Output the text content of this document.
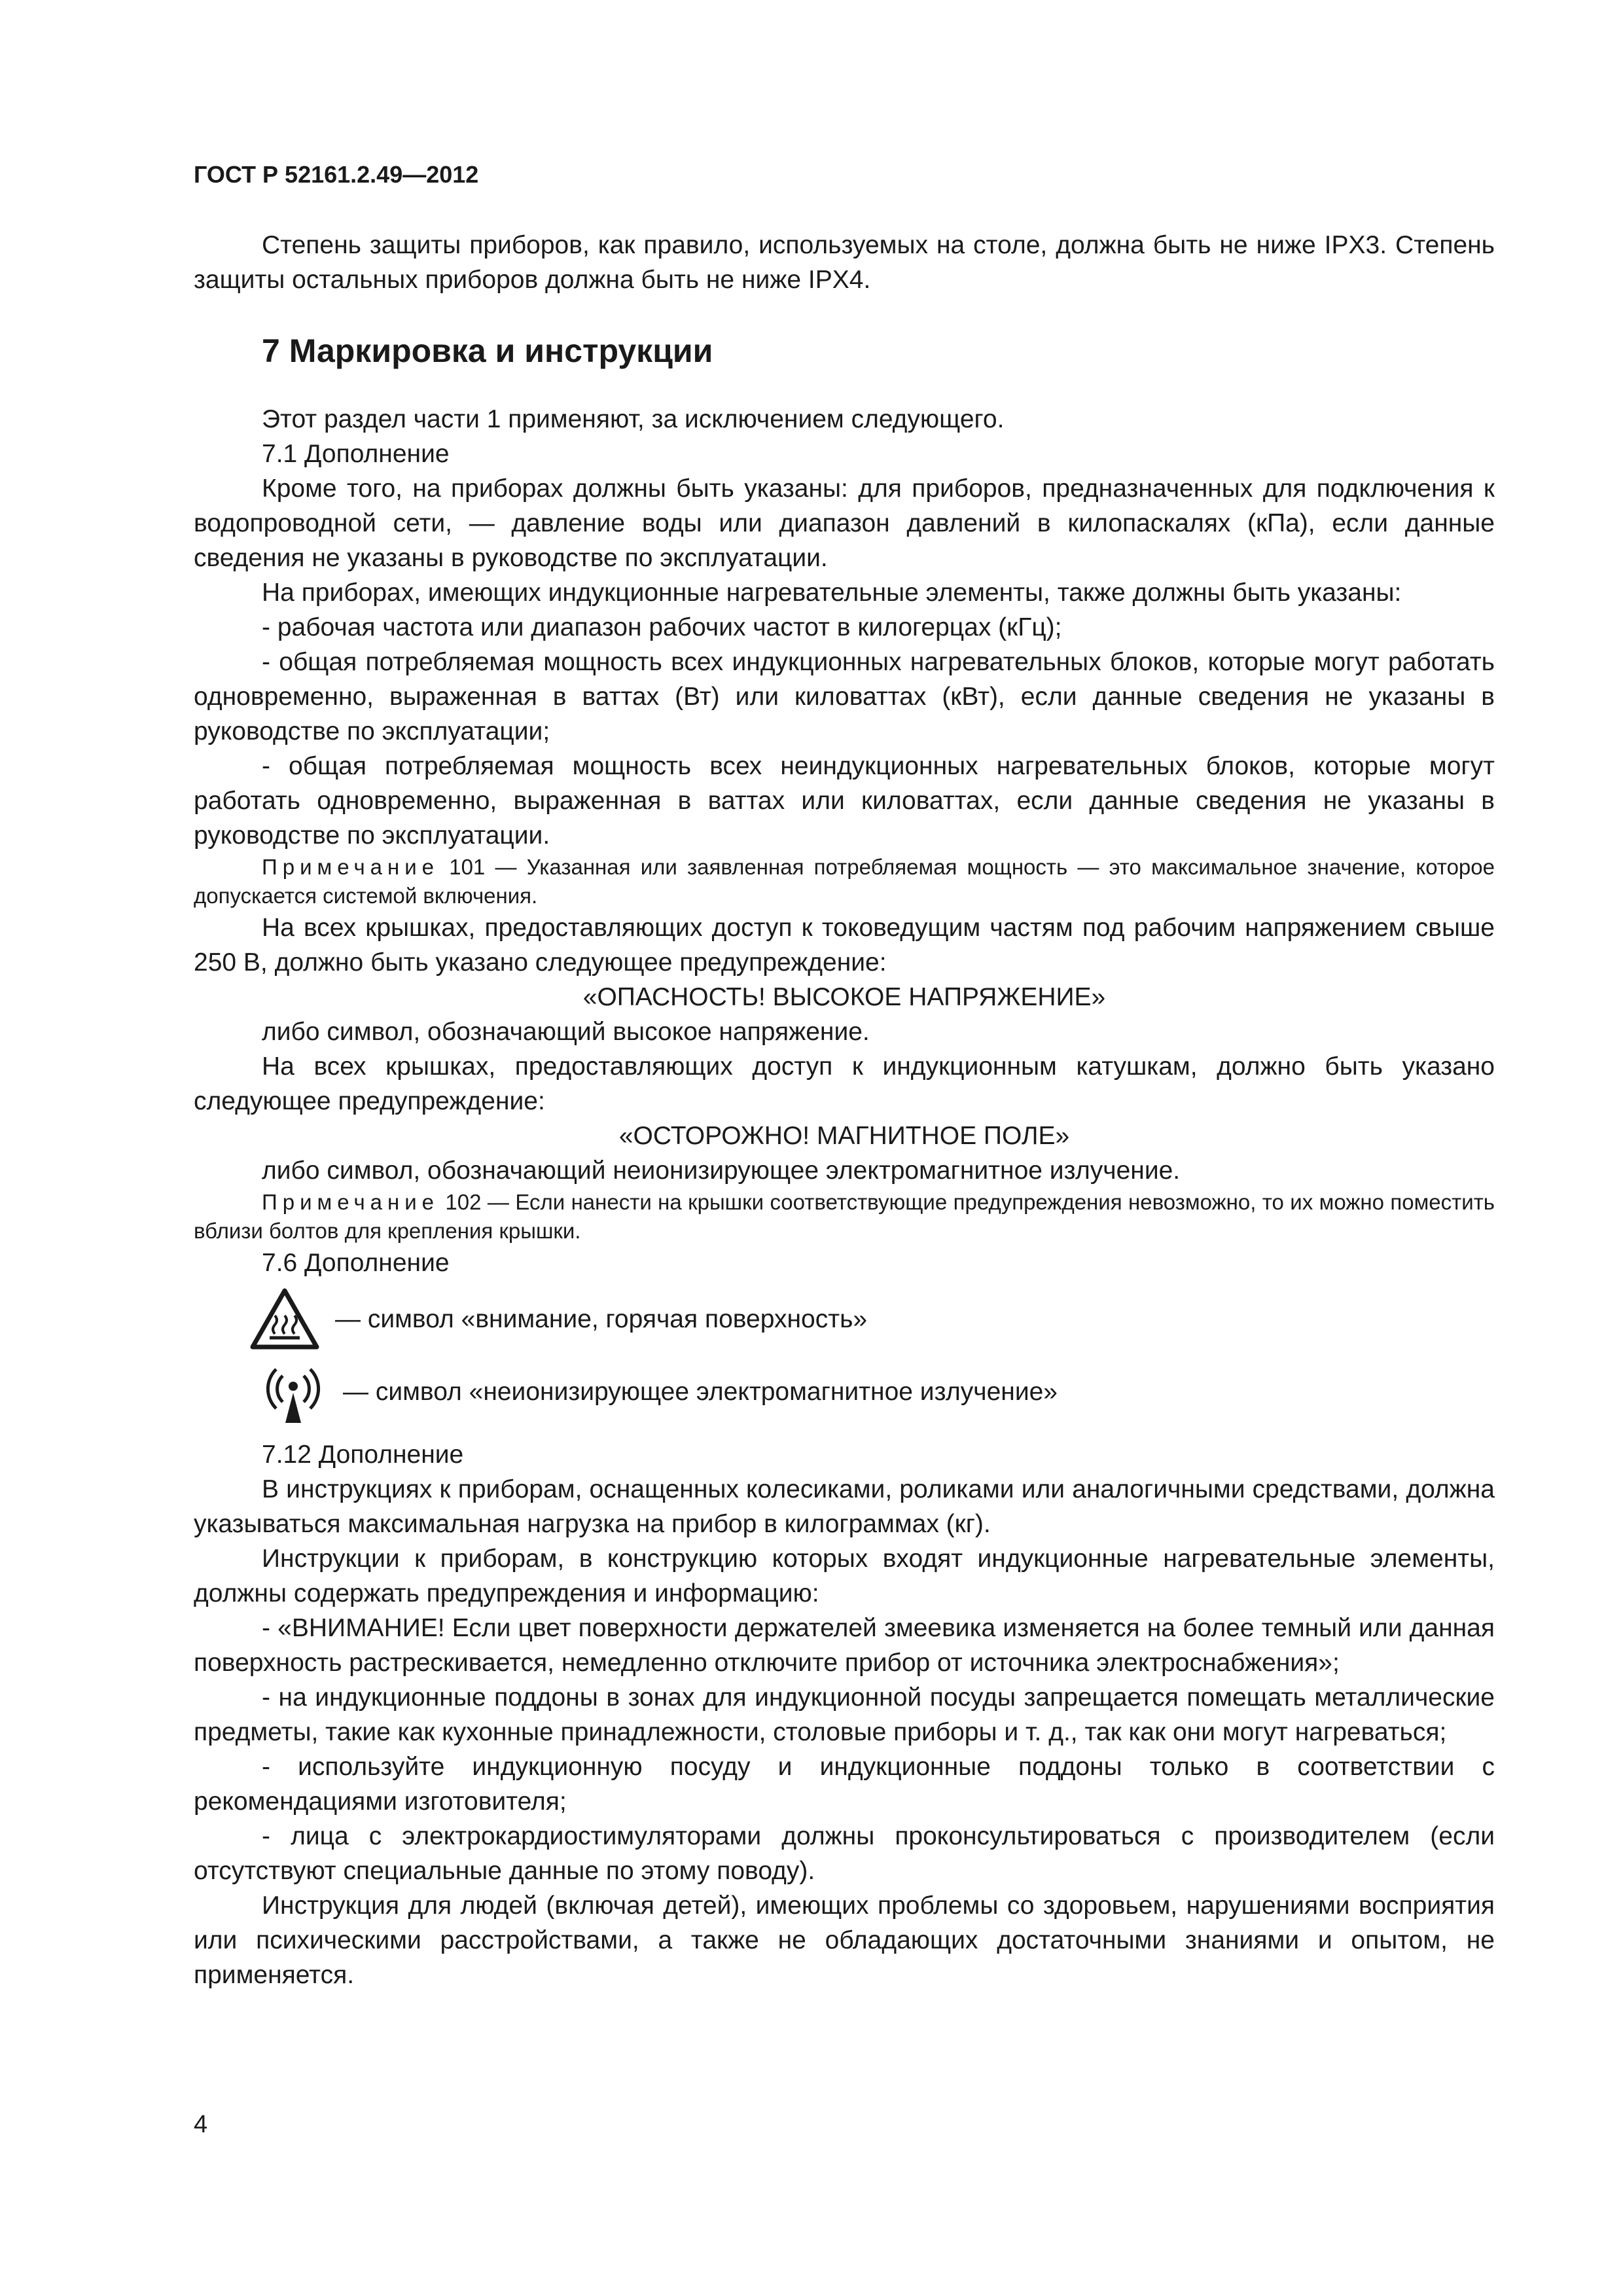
ГОСТ Р 52161.2.49—2012

Степень защиты приборов, как правило, используемых на столе, должна быть не ниже IPX3. Степень защиты остальных приборов должна быть не ниже IPX4.

7 Маркировка и инструкции

Этот раздел части 1 применяют, за исключением следующего.

7.1 Дополнение

Кроме того, на приборах должны быть указаны: для приборов, предназначенных для подключения к водопроводной сети, — давление воды или диапазон давлений в килопаскалях (кПа), если данные сведения не указаны в руководстве по эксплуатации.

На приборах, имеющих индукционные нагревательные элементы, также должны быть указаны:

- рабочая частота или диапазон рабочих частот в килогерцах (кГц);

- общая потребляемая мощность всех индукционных нагревательных блоков, которые могут работать одновременно, выраженная в ваттах (Вт) или киловаттах (кВт), если данные сведения не указаны в руководстве по эксплуатации;

- общая потребляемая мощность всех неиндукционных нагревательных блоков, которые могут работать одновременно, выраженная в ваттах или киловаттах, если данные сведения не указаны в руководстве по эксплуатации.

Примечание 101 — Указанная или заявленная потребляемая мощность — это максимальное значение, которое допускается системой включения.

На всех крышках, предоставляющих доступ к токоведущим частям под рабочим напряжением свыше 250 В, должно быть указано следующее предупреждение:

«ОПАСНОСТЬ! ВЫСОКОЕ НАПРЯЖЕНИЕ»

либо символ, обозначающий высокое напряжение.

На всех крышках, предоставляющих доступ к индукционным катушкам, должно быть указано следующее предупреждение:

«ОСТОРОЖНО! МАГНИТНОЕ ПОЛЕ»

либо символ, обозначающий неионизирующее электромагнитное излучение.

Примечание 102 — Если нанести на крышки соответствующие предупреждения невозможно, то их можно поместить вблизи болтов для крепления крышки.

7.6 Дополнение

— символ «внимание, горячая поверхность»
— символ «неионизирующее электромагнитное излучение»

7.12 Дополнение

В инструкциях к приборам, оснащенных колесиками, роликами или аналогичными средствами, должна указываться максимальная нагрузка на прибор в килограммах (кг).

Инструкции к приборам, в конструкцию которых входят индукционные нагревательные элементы, должны содержать предупреждения и информацию:

- «ВНИМАНИЕ! Если цвет поверхности держателей змеевика изменяется на более темный или данная поверхность растрескивается, немедленно отключите прибор от источника электроснабжения»;

- на индукционные поддоны в зонах для индукционной посуды запрещается помещать металлические предметы, такие как кухонные принадлежности, столовые приборы и т. д., так как они могут нагреваться;

- используйте индукционную посуду и индукционные поддоны только в соответствии с рекомендациями изготовителя;

- лица с электрокардиостимуляторами должны проконсультироваться с производителем (если отсутствуют специальные данные по этому поводу).

Инструкция для людей (включая детей), имеющих проблемы со здоровьем, нарушениями восприятия или психическими расстройствами, а также не обладающих достаточными знаниями и опытом, не применяется.

4
